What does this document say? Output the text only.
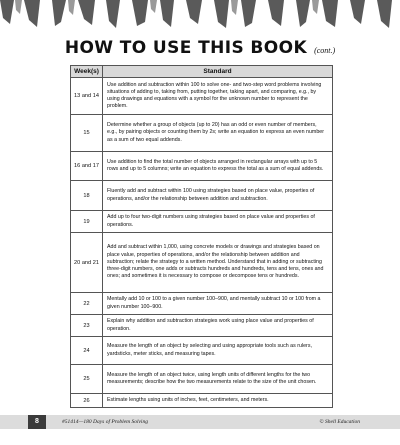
HOW TO USE THIS BOOK (cont.)
Week(s)	Standard
13 and 14	Use addition and subtraction within 100 to solve one- and two-step word problems involving situations of adding to, taking from, putting together, taking apart, and comparing, e.g., by using drawings and equations with a symbol for the unknown number to represent the problem.
15	Determine whether a group of objects (up to 20) has an odd or even number of members, e.g., by pairing objects or counting them by 2s; write an equation to express an even number as a sum of two equal addends.
16 and 17	Use addition to find the total number of objects arranged in rectangular arrays with up to 5 rows and up to 5 columns; write an equation to express the total as a sum of equal addends.
18	Fluently add and subtract within 100 using strategies based on place value, properties of operations, and/or the relationship between addition and subtraction.
19	Add up to four two-digit numbers using strategies based on place value and properties of operations.
20 and 21	Add and subtract within 1,000, using concrete models or drawings and strategies based on place value, properties of operations, and/or the relationship between addition and subtraction; relate the strategy to a written method. Understand that in adding or subtracting three-digit numbers, one adds or subtracts hundreds and hundreds, tens and tens, ones and ones; and sometimes it is necessary to compose or decompose tens or hundreds.
22	Mentally add 10 or 100 to a given number 100–900, and mentally subtract 10 or 100 from a given number 100–900.
23	Explain why addition and subtraction strategies work using place value and properties of operation.
24	Measure the length of an object by selecting and using appropriate tools such as rulers, yardsticks, meter sticks, and measuring tapes.
25	Measure the length of an object twice, using length units of different lengths for the two measurements; describe how the two measurements relate to the size of the unit chosen.
26	Estimate lengths using units of inches, feet, centimeters, and meters.
8	#51414—180 Days of Problem Solving	© Shell Education
